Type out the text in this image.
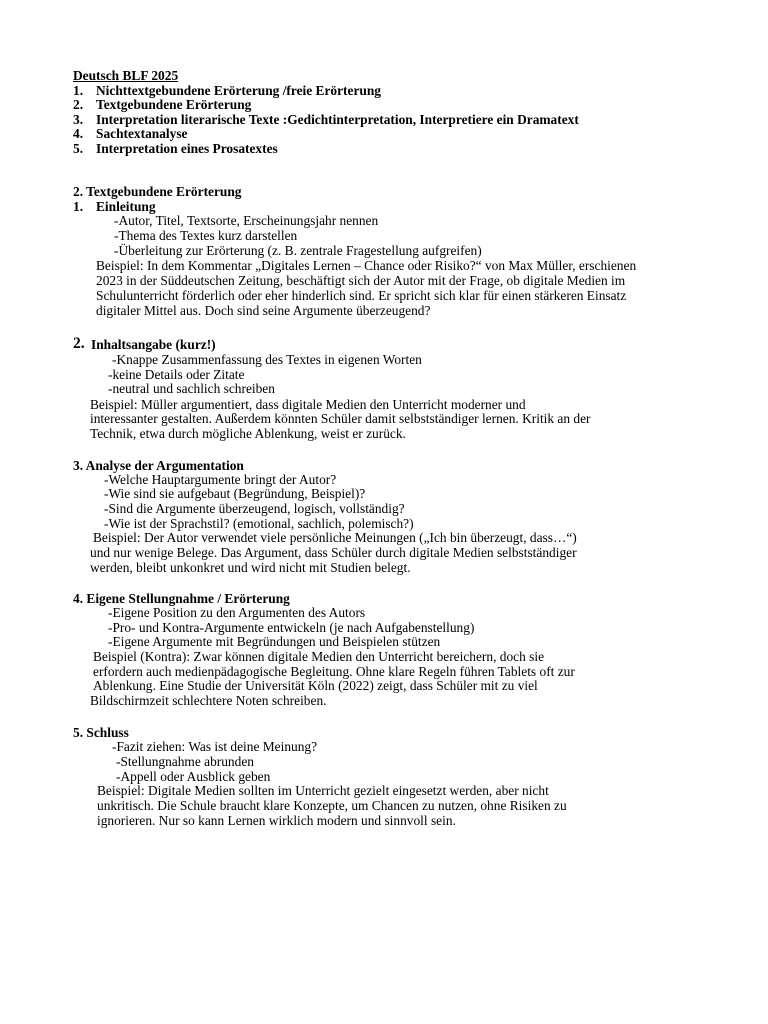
Deutsch BLF 2025
1. Nichttextgebundene Erörterung /freie Erörterung
2. Textgebundene Erörterung
3. Interpretation literarische Texte :Gedichtinterpretation, Interpretiere ein Dramatext
4. Sachtextanalyse
5. Interpretation eines Prosatextes
2. Textgebundene Erörterung
1. Einleitung
-Autor, Titel, Textsorte, Erscheinungsjahr nennen
-Thema des Textes kurz darstellen
-Überleitung zur Erörterung (z. B. zentrale Fragestellung aufgreifen)
Beispiel: In dem Kommentar „Digitales Lernen – Chance oder Risiko?“ von Max Müller, erschienen
2023 in der Süddeutschen Zeitung, beschäftigt sich der Autor mit der Frage, ob digitale Medien im
Schulunterricht förderlich oder eher hinderlich sind. Er spricht sich klar für einen stärkeren Einsatz
digitaler Mittel aus. Doch sind seine Argumente überzeugend?
2. Inhaltsangabe (kurz!)
-Knappe Zusammenfassung des Textes in eigenen Worten
-keine Details oder Zitate
-neutral und sachlich schreiben
Beispiel: Müller argumentiert, dass digitale Medien den Unterricht moderner und
interessanter gestalten. Außerdem könnten Schüler damit selbstständiger lernen. Kritik an der
Technik, etwa durch mögliche Ablenkung, weist er zurück.
3. Analyse der Argumentation
-Welche Hauptargumente bringt der Autor?
-Wie sind sie aufgebaut (Begründung, Beispiel)?
-Sind die Argumente überzeugend, logisch, vollständig?
-Wie ist der Sprachstil? (emotional, sachlich, polemisch?)
Beispiel: Der Autor verwendet viele persönliche Meinungen („Ich bin überzeugt, dass…“)
und nur wenige Belege. Das Argument, dass Schüler durch digitale Medien selbstständiger
werden, bleibt unkonkret und wird nicht mit Studien belegt.
4. Eigene Stellungnahme / Erörterung
-Eigene Position zu den Argumenten des Autors
-Pro- und Kontra-Argumente entwickeln (je nach Aufgabenstellung)
-Eigene Argumente mit Begründungen und Beispielen stützen
Beispiel (Kontra): Zwar können digitale Medien den Unterricht bereichern, doch sie
erfordern auch medienpädagogische Begleitung. Ohne klare Regeln führen Tablets oft zur
Ablenkung. Eine Studie der Universität Köln (2022) zeigt, dass Schüler mit zu viel
Bildschirmzeit schlechtere Noten schreiben.
5. Schluss
-Fazit ziehen: Was ist deine Meinung?
-Stellungnahme abrunden
-Appell oder Ausblick geben
Beispiel: Digitale Medien sollten im Unterricht gezielt eingesetzt werden, aber nicht
unkritisch. Die Schule braucht klare Konzepte, um Chancen zu nutzen, ohne Risiken zu
ignorieren. Nur so kann Lernen wirklich modern und sinnvoll sein.
